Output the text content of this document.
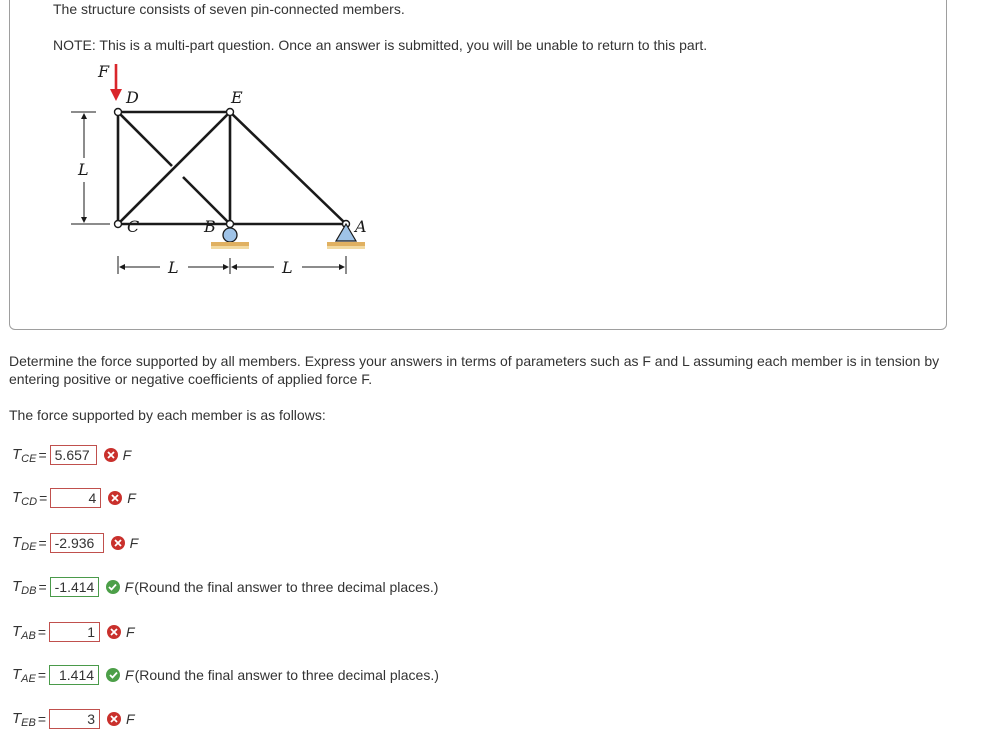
The structure consists of seven pin-connected members.
NOTE: This is a multi-part question. Once an answer is submitted, you will be unable to return to this part.
F
D	E
C	B	A
L
L	L
Determine the force supported by all members. Express your answers in terms of parameters such as F and L assuming each member is in tension by entering positive or negative coefficients of applied force F.
The force supported by each member is as follows:
$T_{CE} = 5.657$	F
$T_{CD}$ =	4	F
$T_{DE} = -2.936$	F
$T_{DB} = -1.414$	F (Round the final answer to three decimal places.)
$T_{AB}$ =	1	F
$T_{AE} = 1.414$	F (Round the final answer to three decimal places.)
$T_{EB}$ =	3	F
